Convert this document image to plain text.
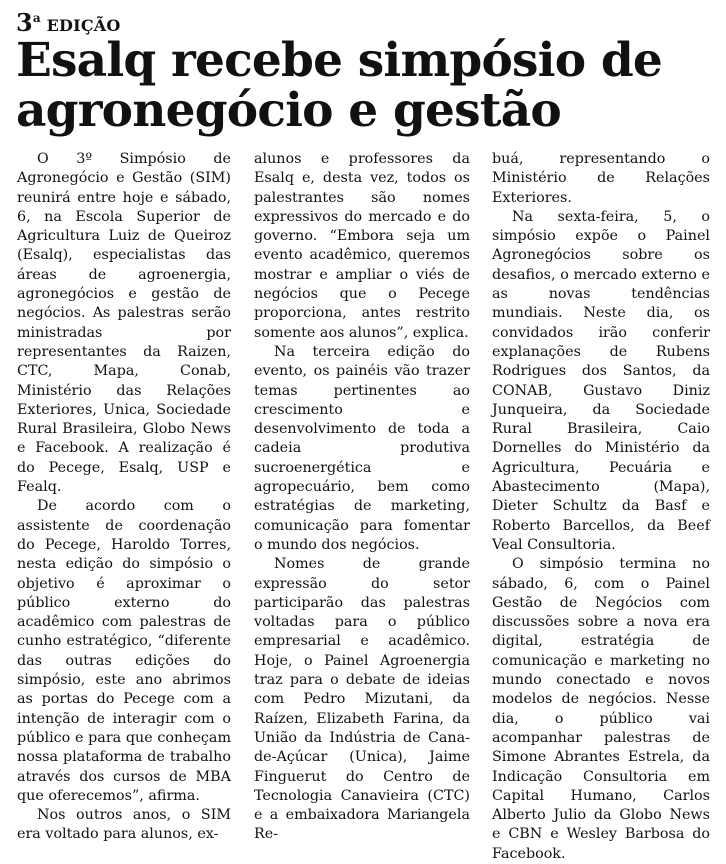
3$^a$ EDIÇÃO
Esalq recebe simpósio de agronegócio e gestão

O 3º Simpósio de Agronegócio e Gestão (SIM) reunirá entre hoje e sábado, 6, na Escola Superior de Agricultura Luiz de Queiroz (Esalq), especialistas das áreas de agroenergia, agronegócios e gestão de negócios. As palestras serão ministradas por representantes da Raizen, CTC, Mapa, Conab, Ministério das Relações Exteriores, Unica, Sociedade Rural Brasileira, Globo News e Facebook. A realização é do Pecege, Esalq, USP e Fealq.

De acordo com o assistente de coordenação do Pecege, Haroldo Torres, nesta edição do simpósio o objetivo é aproximar o público externo do acadêmico com palestras de cunho estratégico, “diferente das outras edições do simpósio, este ano abrimos as portas do Pecege com a intenção de interagir com o público e para que conheçam nossa plataforma de trabalho através dos cursos de MBA que oferecemos”, afirma.

Nos outros anos, o SIM era voltado para alunos, ex-

alunos e professores da Esalq e, desta vez, todos os palestrantes são nomes expressivos do mercado e do governo. “Embora seja um evento acadêmico, queremos mostrar e ampliar o viés de negócios que o Pecege proporciona, antes restrito somente aos alunos”, explica.

Na terceira edição do evento, os painéis vão trazer temas pertinentes ao crescimento e desenvolvimento de toda a cadeia produtiva sucroenergética e agropecuário, bem como estratégias de marketing, comunicação para fomentar o mundo dos negócios.

Nomes de grande expressão do setor participarão das palestras voltadas para o público empresarial e acadêmico. Hoje, o Painel Agroenergia traz para o debate de ideias com Pedro Mizutani, da Raízen, Elizabeth Farina, da União da Indústria de Cana-de-Açúcar (Unica), Jaime Finguerut do Centro de Tecnologia Canavieira (CTC) e a embaixadora Mariangela Re-

buá, representando o Ministério de Relações Exteriores.

Na sexta-feira, 5, o simpósio expõe o Painel Agronegócios sobre os desafios, o mercado externo e as novas tendências mundiais. Neste dia, os convidados irão conferir explanações de Rubens Rodrigues dos Santos, da CONAB, Gustavo Diniz Junqueira, da Sociedade Rural Brasileira, Caio Dornelles do Ministério da Agricultura, Pecuária e Abastecimento (Mapa), Dieter Schultz da Basf e Roberto Barcellos, da Beef Veal Consultoria.

O simpósio termina no sábado, 6, com o Painel Gestão de Negócios com discussões sobre a nova era digital, estratégia de comunicação e marketing no mundo conectado e novos modelos de negócios. Nesse dia, o público vai acompanhar palestras de Simone Abrantes Estrela, da Indicação Consultoria em Capital Humano, Carlos Alberto Julio da Globo News e CBN e Wesley Barbosa do Facebook.
